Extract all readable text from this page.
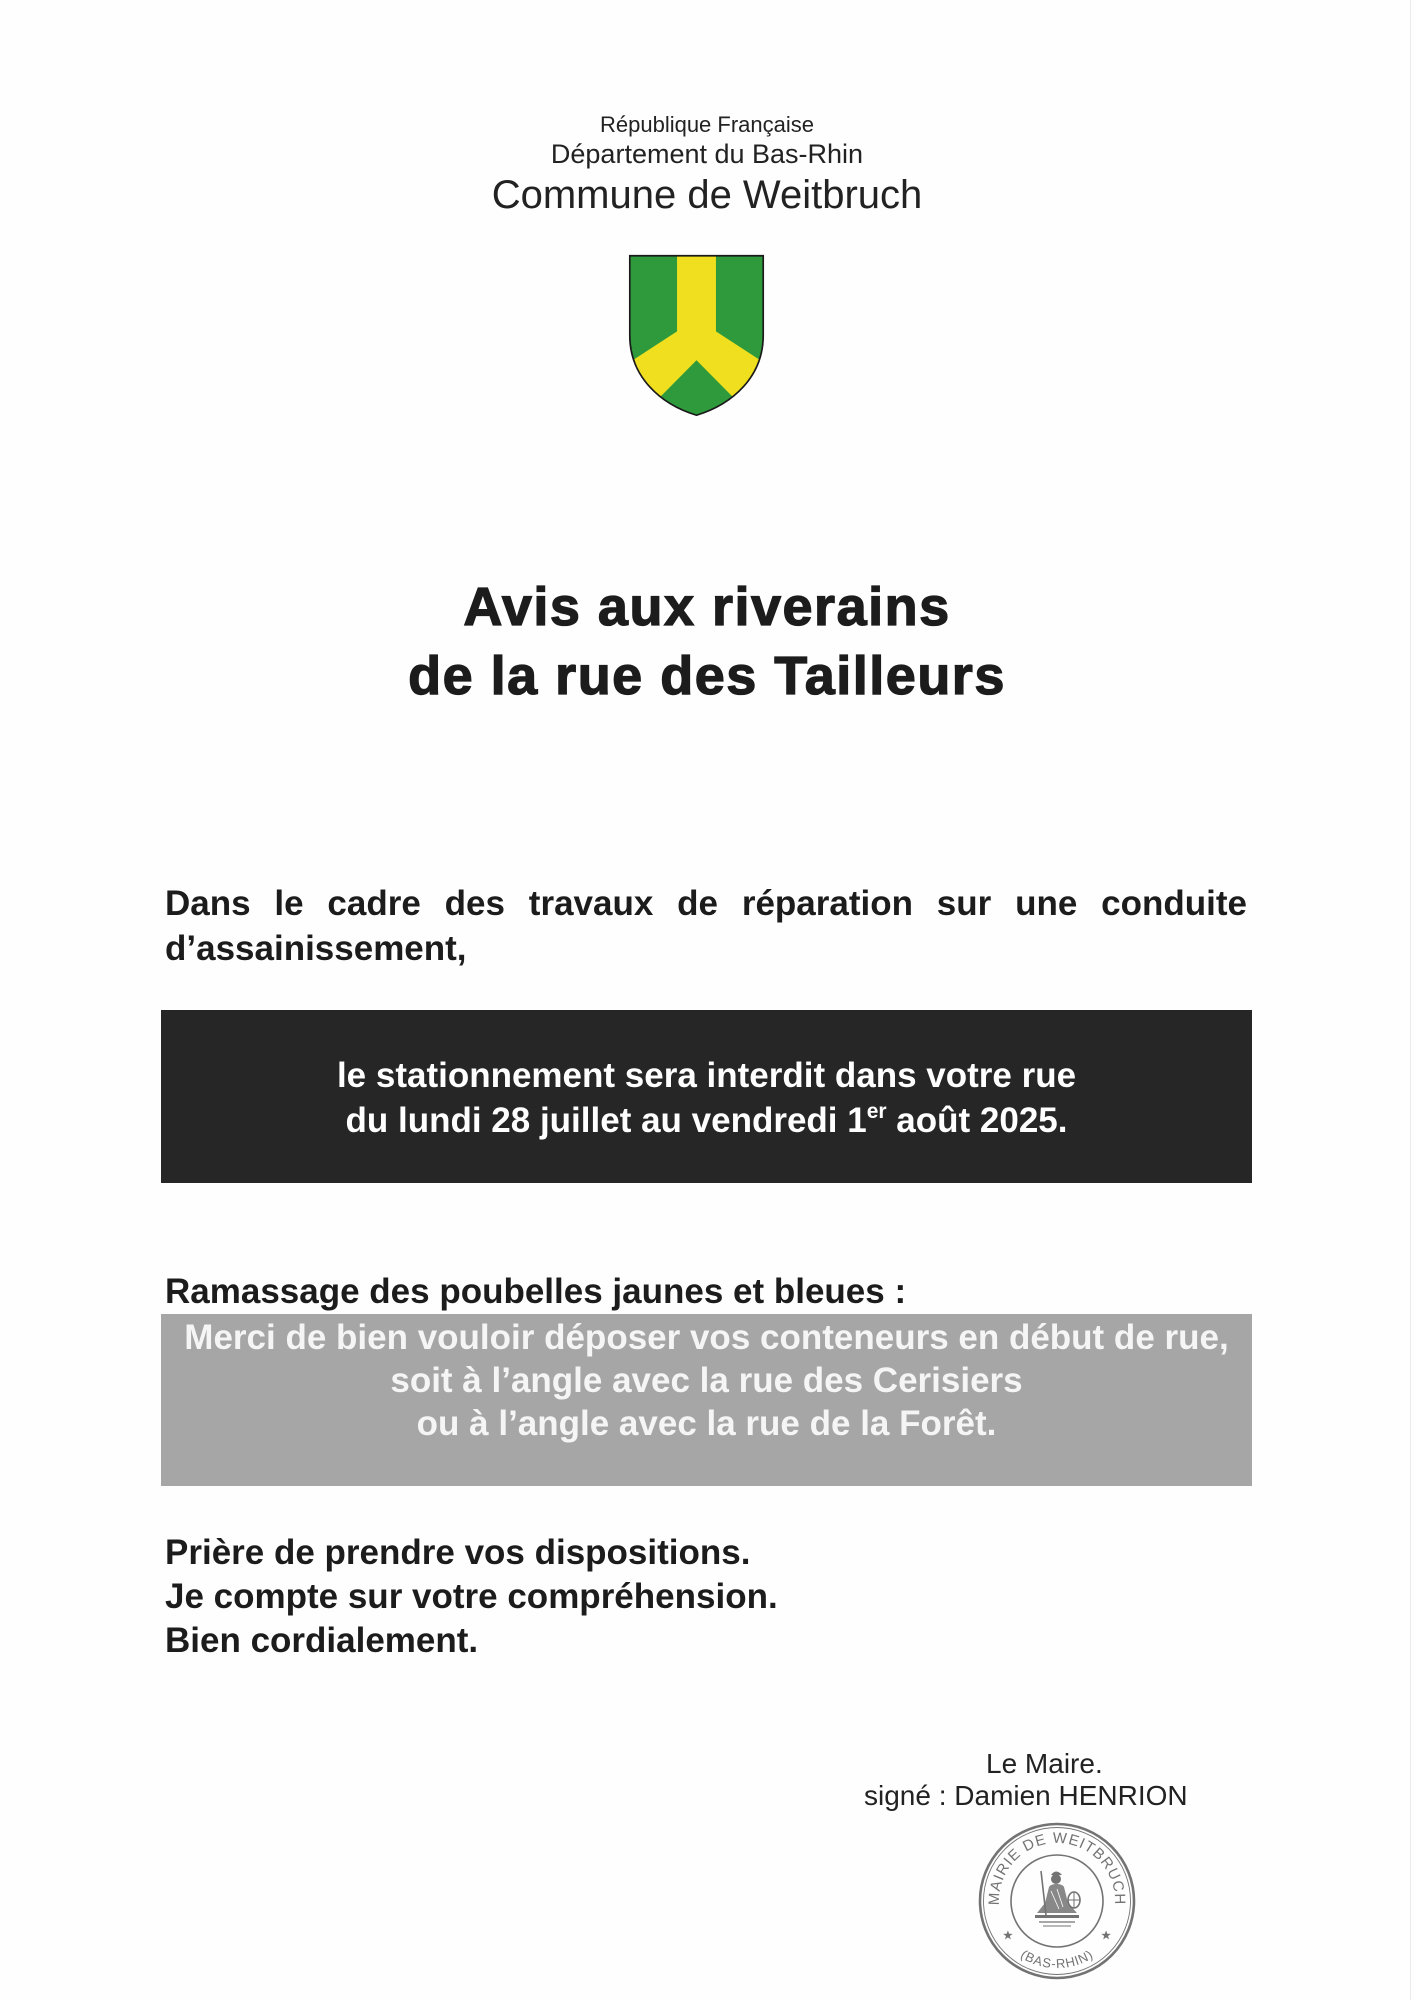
République Française
Département du Bas-Rhin
Commune de Weitbruch
Avis aux riverains
de la rue des Tailleurs
Dans le cadre des travaux de réparation sur une conduite d’assainissement,
le stationnement sera interdit dans votre rue
du lundi 28 juillet au vendredi 1er août 2025.
Ramassage des poubelles jaunes et bleues :
Merci de bien vouloir déposer vos conteneurs en début de rue,
soit à l’angle avec la rue des Cerisiers
ou à l’angle avec la rue de la Forêt.
Prière de prendre vos dispositions.
Je compte sur votre compréhension.
Bien cordialement.
Le Maire.
signé : Damien HENRION
MAIRIE DE WEITBRUCH
(BAS-RHIN)
